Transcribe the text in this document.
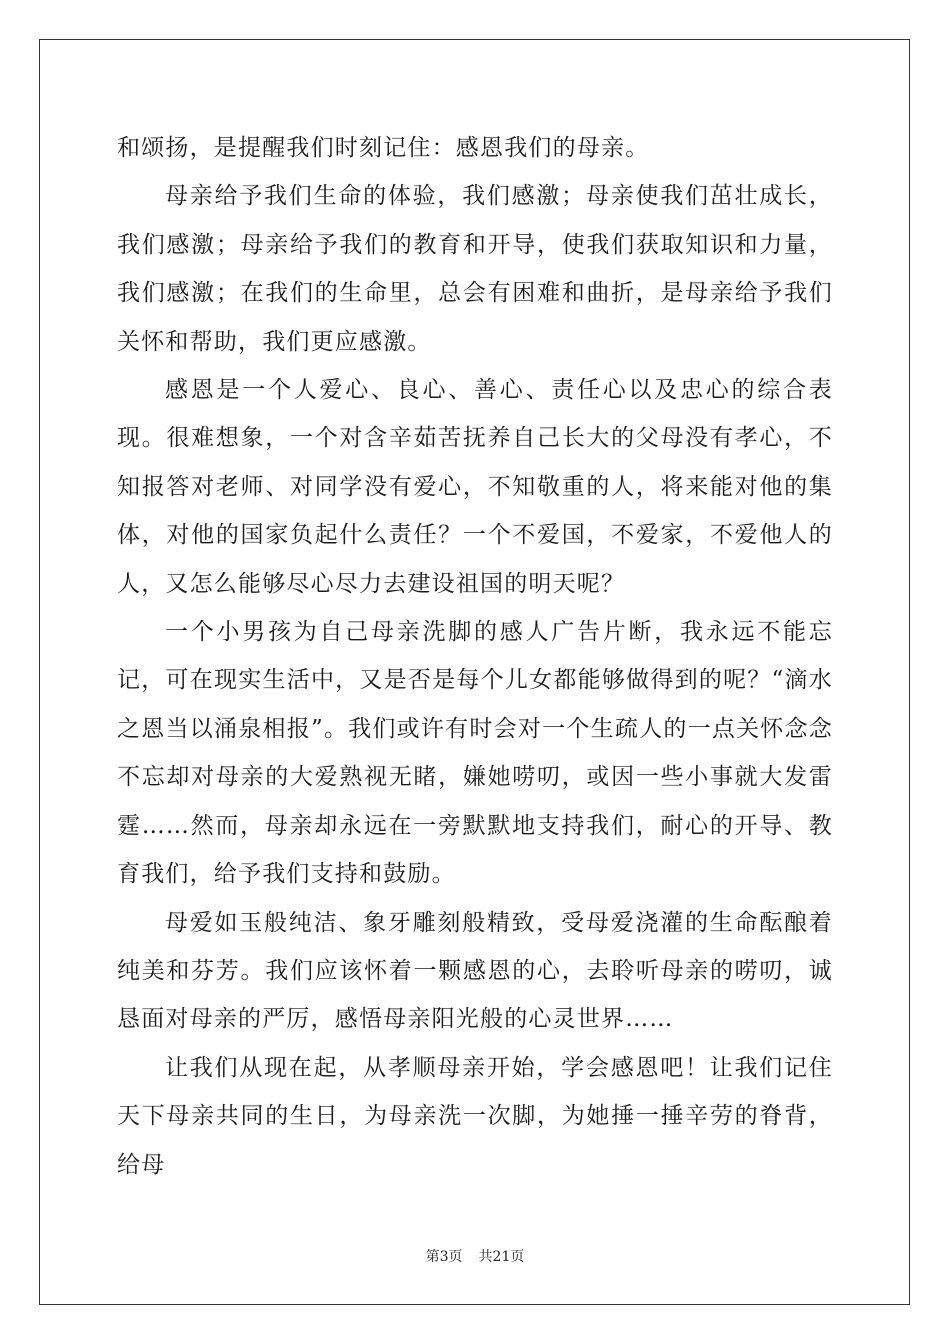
和颂扬，是提醒我们时刻记住：感恩我们的母亲。

母亲给予我们生命的体验，我们感激；母亲使我们茁壮成长，我们感激；母亲给予我们的教育和开导，使我们获取知识和力量，我们感激；在我们的生命里，总会有困难和曲折，是母亲给予我们关怀和帮助，我们更应感激。

感恩是一个人爱心、良心、善心、责任心以及忠心的综合表现。很难想象，一个对含辛茹苦抚养自己长大的父母没有孝心，不知报答对老师、对同学没有爱心，不知敬重的人，将来能对他的集体，对他的国家负起什么责任？一个不爱国，不爱家，不爱他人的人，又怎么能够尽心尽力去建设祖国的明天呢？

一个小男孩为自己母亲洗脚的感人广告片断，我永远不能忘记，可在现实生活中，又是否是每个儿女都能够做得到的呢？“滴水之恩当以涌泉相报”。我们或许有时会对一个生疏人的一点关怀念念不忘却对母亲的大爱熟视无睹，嫌她唠叨，或因一些小事就大发雷霆……然而，母亲却永远在一旁默默地支持我们，耐心的开导、教育我们，给予我们支持和鼓励。

母爱如玉般纯洁、象牙雕刻般精致，受母爱浇灌的生命酝酿着纯美和芬芳。我们应该怀着一颗感恩的心，去聆听母亲的唠叨，诚恳面对母亲的严厉，感悟母亲阳光般的心灵世界……

让我们从现在起，从孝顺母亲开始，学会感恩吧！让我们记住天下母亲共同的生日，为母亲洗一次脚，为她捶一捶辛劳的脊背，给母

第3页 共21页
